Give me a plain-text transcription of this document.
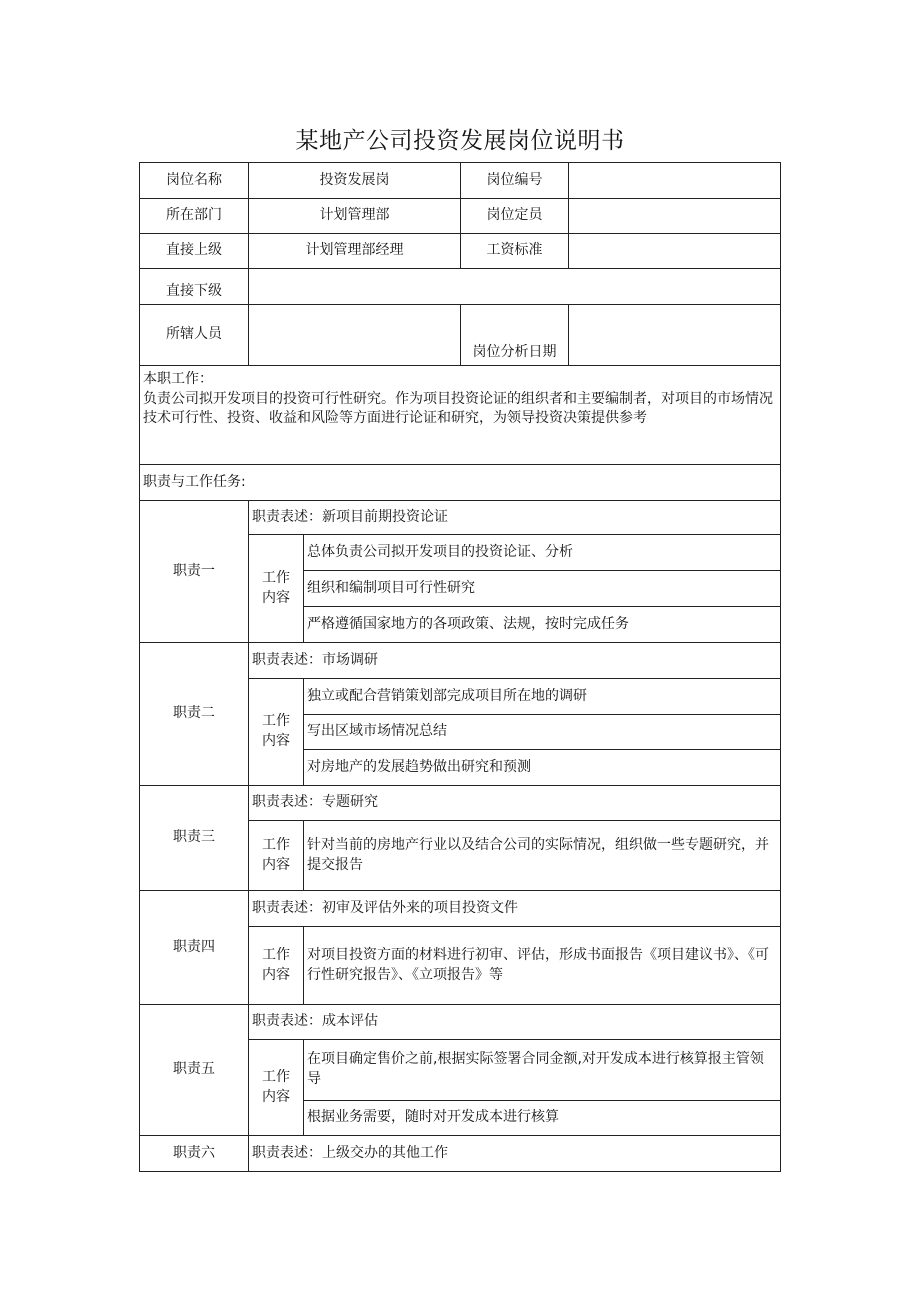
某地产公司投资发展岗位说明书
岗位名称	投资发展岗		岗位编号	
所在部门	计划管理部		岗位定员	
直接上级	计划管理部经理		工资标准	
直接下级				
所辖人员			岗位分析日期	

本职工作：
负责公司拟开发项目的投资可行性研究。作为项目投资论证的组织者和主要编制者，对项目的市场情况技术可行性、投资、收益和风险等方面进行论证和研究，为领导投资决策提供参考				

职责与工作任务:				
职责一	职责表述：新项目前期投资论证			

	工作
内容	总体负责公司拟开发项目的投资论证、分析		
		组织和编制项目可行性研究		
		严格遵循国家地方的各项政策、法规，按时完成任务		
职责二	职责表述：市场调研			

	工作
内容	独立或配合营销策划部完成项目所在地的调研		
		写出区域市场情况总结		
		对房地产的发展趋势做出研究和预测		
职责三	职责表述：专题研究			

	工作
内容	针对当前的房地产行业以及结合公司的实际情况，组织做一些专题研究，并提交报告		
职责四	职责表述：初审及评估外来的项目投资文件			

	工作
内容	对项目投资方面的材料进行初审、评估，形成书面报告《项目建议书》、《可行性研究报告》、《立项报告》等		
职责五	职责表述：成本评估			

	工作
内容	在项目确定售价之前,根据实际签署合同金额,对开发成本进行核算报主管领导		
		根据业务需要，随时对开发成本进行核算		
职责六	职责表述：上级交办的其他工作			
